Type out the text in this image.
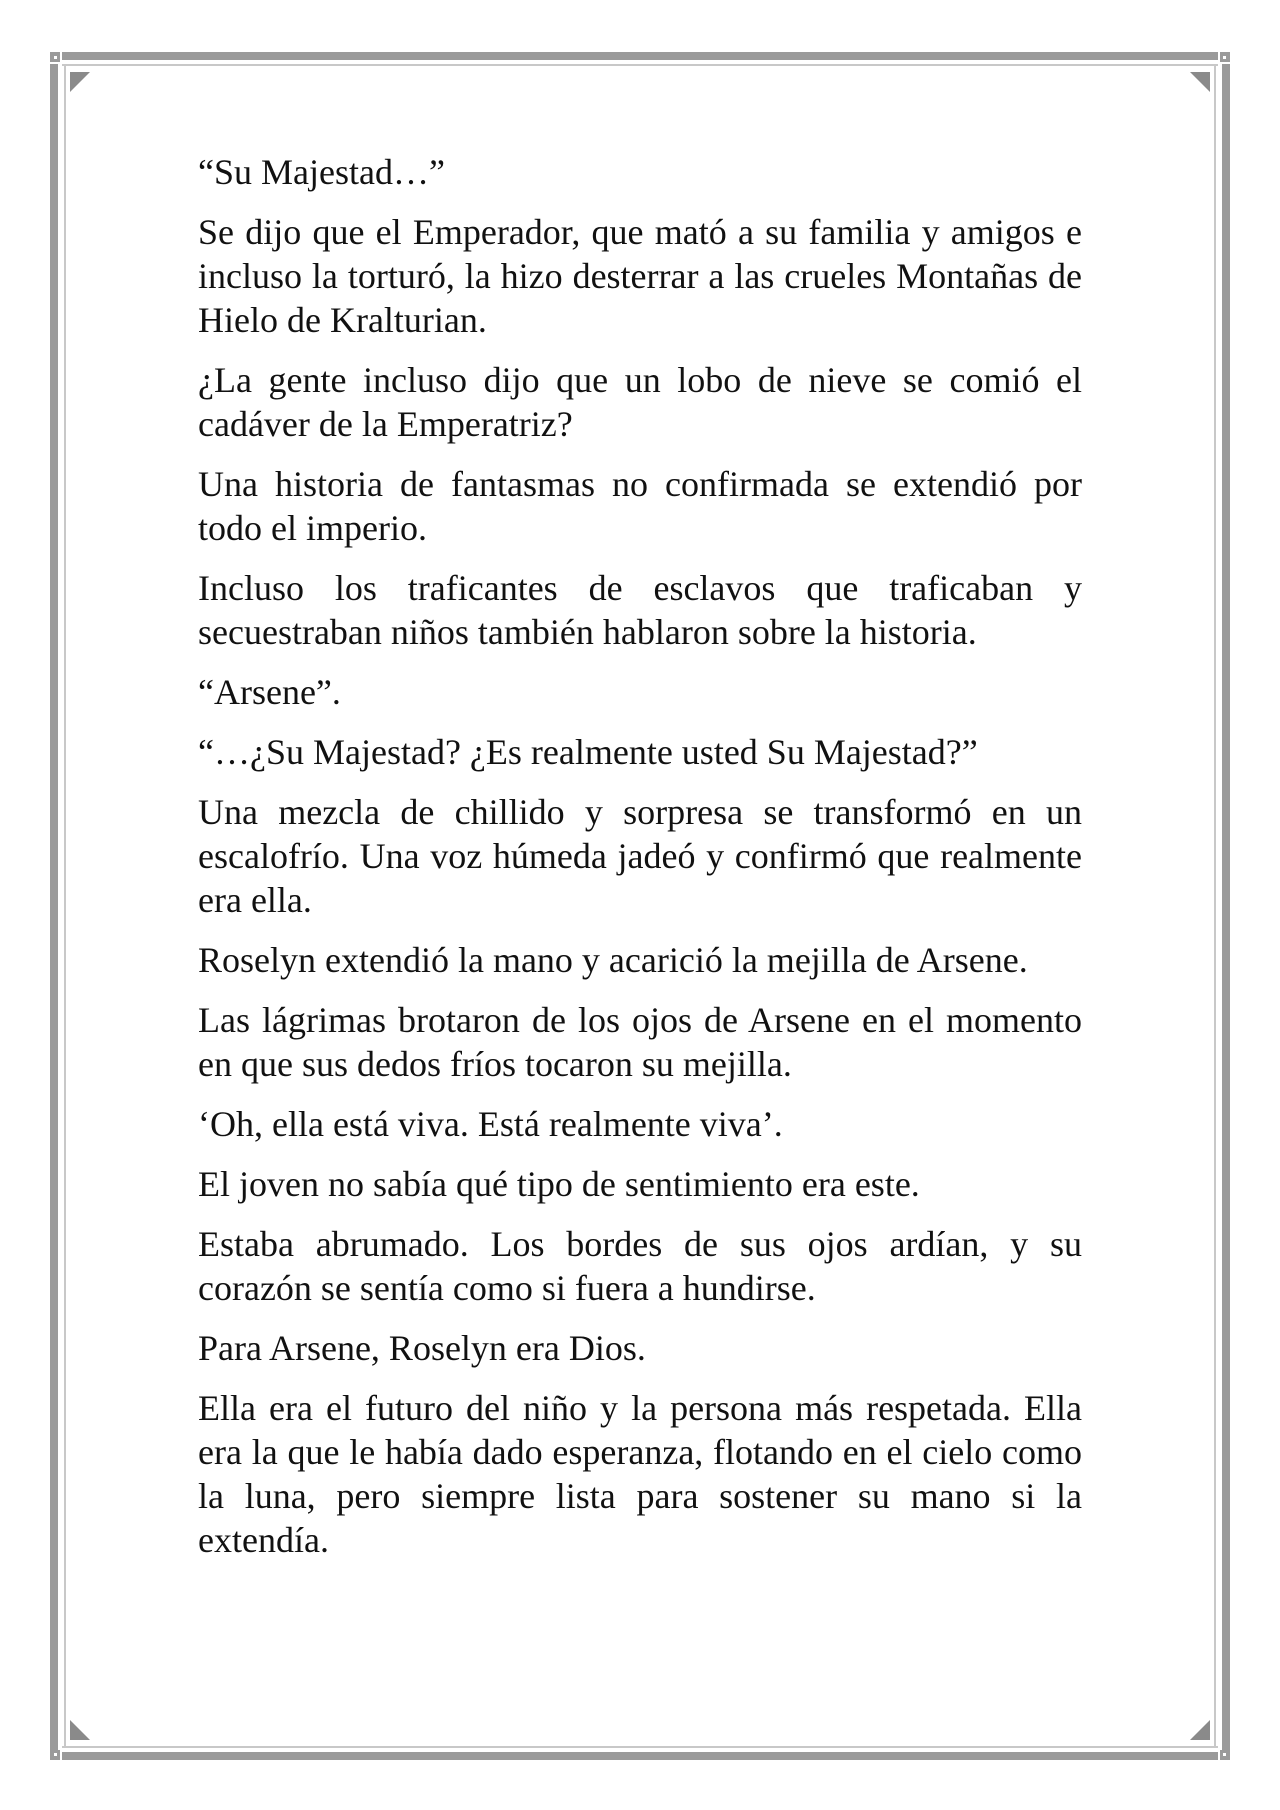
“Su Majestad…”

Se dijo que el Emperador, que mató a su familia y amigos e incluso la torturó, la hizo desterrar a las crueles Montañas de Hielo de Kralturian.

¿La gente incluso dijo que un lobo de nieve se comió el cadáver de la Emperatriz?

Una historia de fantasmas no confirmada se extendió por todo el imperio.

Incluso los traficantes de esclavos que traficaban y secuestraban niños también hablaron sobre la historia.

“Arsene”.

“…¿Su Majestad? ¿Es realmente usted Su Majestad?”

Una mezcla de chillido y sorpresa se transformó en un escalofrío. Una voz húmeda jadeó y confirmó que realmente era ella.

Roselyn extendió la mano y acarició la mejilla de Arsene.

Las lágrimas brotaron de los ojos de Arsene en el momento en que sus dedos fríos tocaron su mejilla.

‘Oh, ella está viva. Está realmente viva’.

El joven no sabía qué tipo de sentimiento era este.

Estaba abrumado. Los bordes de sus ojos ardían, y su corazón se sentía como si fuera a hundirse.

Para Arsene, Roselyn era Dios.

Ella era el futuro del niño y la persona más respetada. Ella era la que le había dado esperanza, flotando en el cielo como la luna, pero siempre lista para sostener su mano si la extendía.
